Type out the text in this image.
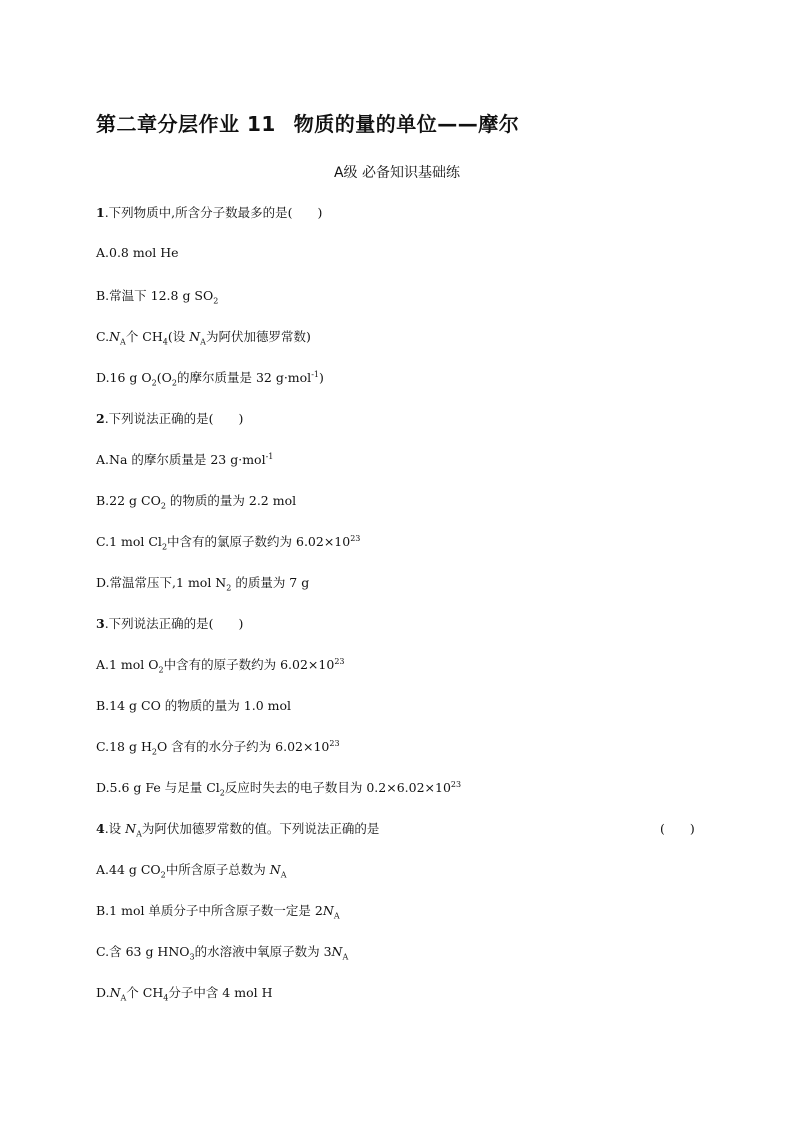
第二章分层作业 11 物质的量的单位——摩尔
A级 必备知识基础练
1.下列物质中,所含分子数最多的是(　　)
A.0.8 mol He
B.常温下 12.8 g $SO_2$
$C.N_A$个 $CH_4$(设 $N_A$为阿伏加德罗常数)
D.16 g $O_2(O_2$的摩尔质量是 32 g·mol$^{-1}$)
2.下列说法正确的是(　　)
A.Na 的摩尔质量是 23 g·mol$^{-1}$
B.22 g $CO_2$ 的物质的量为 2.2 mol
C.1 mol $Cl_2$中含有的氯原子数约为 $6.02\times 10^{23}$
D.常温常压下,1 mol $N_2$ 的质量为 7 g
3.下列说法正确的是(　　)
A.1 mol $O_2$中含有的原子数约为 $6.02\times 10^{23}$
B.14 g CO 的物质的量为 1.0 mol
C.18 g $H_2O$ 含有的水分子约为 $6.02\times 10^{23}$
D.5.6 g Fe 与足量 $Cl_2$反应时失去的电子数目为 $0.2\times 6.02\times 10^{23}$
4.设 $N_A$为阿伏加德罗常数的值。下列说法正确的是	(　　)
A.44 g $CO_2$中所含原子总数为 $N_A$
B.1 mol 单质分子中所含原子数一定是 $2N_A$
C.含 63 g $HNO_3$的水溶液中氧原子数为 $3N_A$
$D.N_A$个 $CH_4$分子中含 4 mol H
